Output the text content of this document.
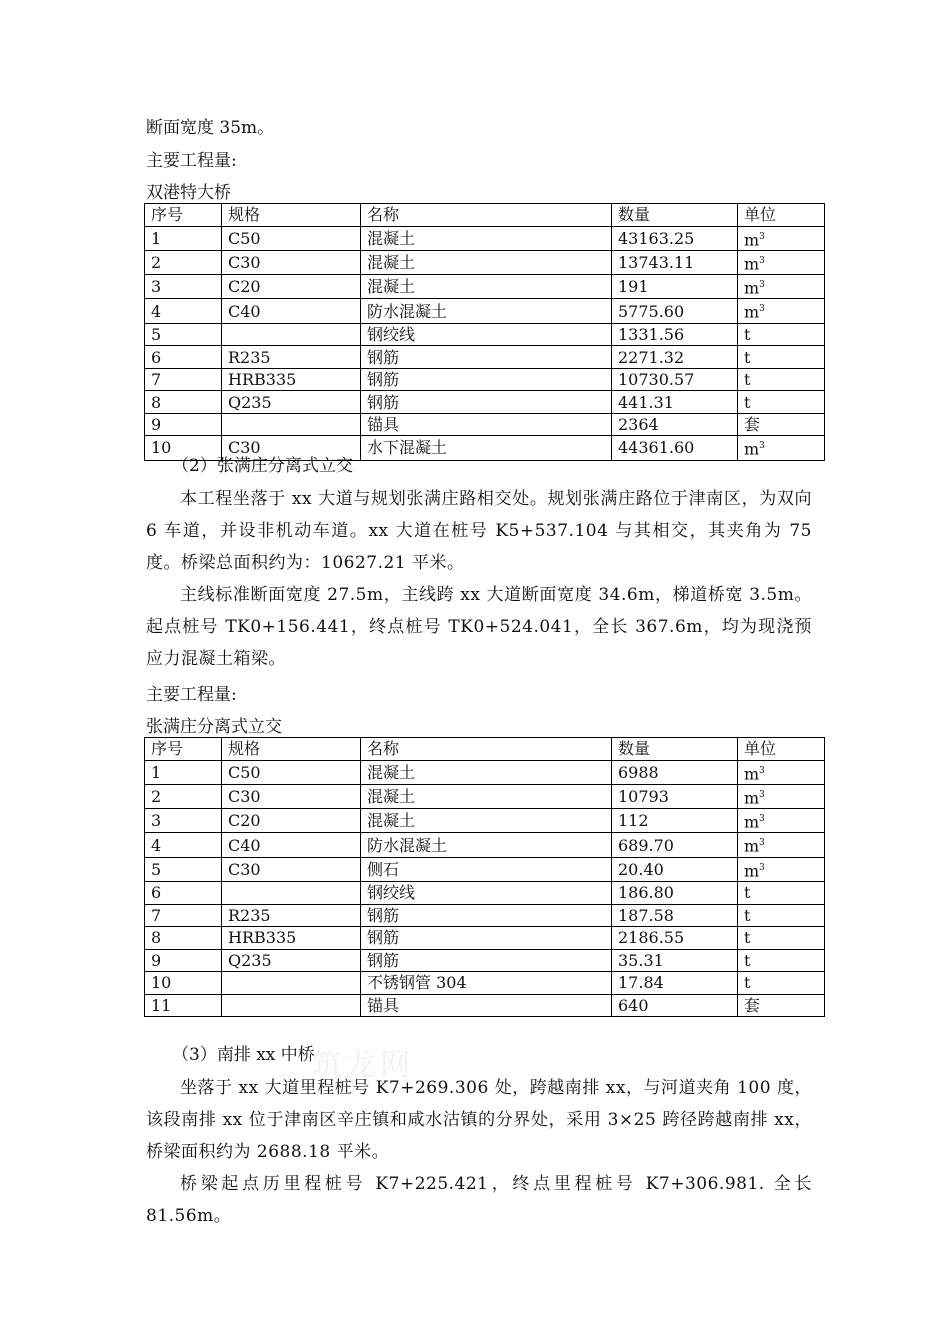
断面宽度 35m。
主要工程量:
双港特大桥
序号	规格	名称	数量	单位
1	C50	混凝土	43163.25	$m^3$
2	C30	混凝土	13743.11	$m^3$
3	C20	混凝土	191	$m^3$
4	C40	防水混凝土	5775.60	$m^3$
5		钢绞线	1331.56	t
6	R235	钢筋	2271.32	t
7	HRB335	钢筋	10730.57	t
8	Q235	钢筋	441.31	t
9		锚具	2364	套
10	C30	水下混凝土	44361.60	$m^3$
（2）张满庄分离式立交
本工程坐落于 xx 大道与规划张满庄路相交处。规划张满庄路位于津南区，为双向 6 车道，并设非机动车道。xx 大道在桩号 K5+537.104 与其相交，其夹角为 75 度。桥梁总面积约为：10627.21 平米。
主线标准断面宽度 27.5m，主线跨 xx 大道断面宽度 34.6m，梯道桥宽 3.5m。起点桩号 TK0+156.441，终点桩号 TK0+524.041，全长 367.6m，均为现浇预应力混凝土箱梁。
主要工程量:
张满庄分离式立交
序号	规格	名称	数量	单位
1	C50	混凝土	6988	$m^3$
2	C30	混凝土	10793	$m^3$
3	C20	混凝土	112	$m^3$
4	C40	防水混凝土	689.70	$m^3$
5	C30	侧石	20.40	$m^3$
6		钢绞线	186.80	t
7	R235	钢筋	187.58	t
8	HRB335	钢筋	2186.55	t
9	Q235	钢筋	35.31	t
10		不锈钢管 304	17.84	t
11		锚具	640	套
筑龙网
（3）南排 xx 中桥
坐落于 xx 大道里程桩号 K7+269.306 处，跨越南排 xx，与河道夹角 100 度，该段南排 xx 位于津南区辛庄镇和咸水沽镇的分界处，采用 3×25 跨径跨越南排 xx，桥梁面积约为 2688.18 平米。
桥梁起点历里程桩号 K7+225.421，终点里程桩号 K7+306.981. 全长 81.56m。
